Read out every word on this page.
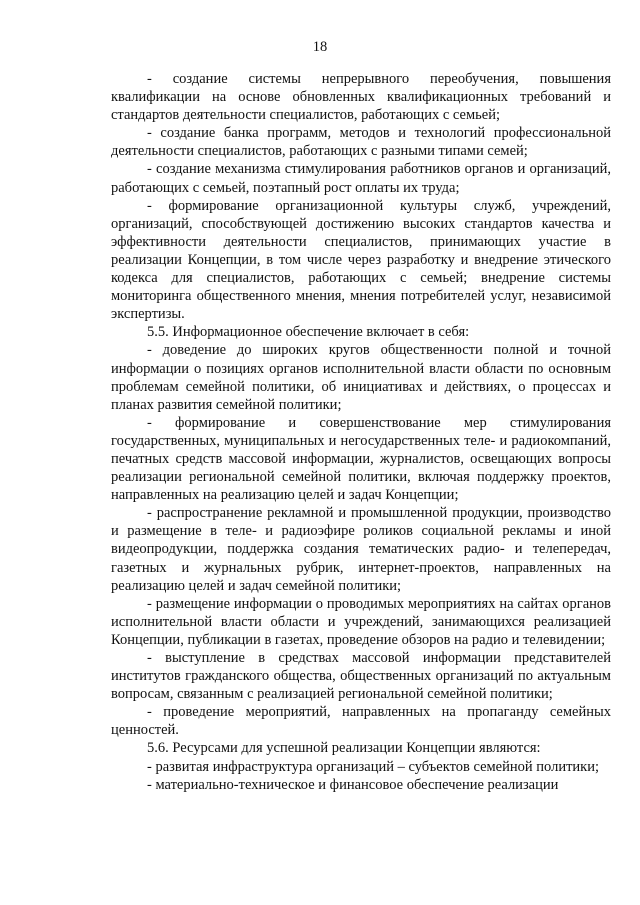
18

- создание системы непрерывного переобучения, повышения квалификации на основе обновленных квалификационных требований и стандартов деятельности специалистов, работающих с семьей;

- создание банка программ, методов и технологий профессиональной деятельности специалистов, работающих с разными типами семей;

- создание механизма стимулирования работников органов и организаций, работающих с семьей, поэтапный рост оплаты их труда;

- формирование организационной культуры служб, учреждений, организаций, способствующей достижению высоких стандартов качества и эффективности деятельности специалистов, принимающих участие в реализации Концепции, в том числе через разработку и внедрение этического кодекса для специалистов, работающих с семьей; внедрение системы мониторинга общественного мнения, мнения потребителей услуг, независимой экспертизы.

5.5. Информационное обеспечение включает в себя:

- доведение до широких кругов общественности полной и точной информации о позициях органов исполнительной власти области по основным проблемам семейной политики, об инициативах и действиях, о процессах и планах развития семейной политики;

- формирование и совершенствование мер стимулирования государственных, муниципальных и негосударственных теле- и радиокомпаний, печатных средств массовой информации, журналистов, освещающих вопросы реализации региональной семейной политики, включая поддержку проектов, направленных на реализацию целей и задач Концепции;

- распространение рекламной и промышленной продукции, производство и размещение в теле- и радиоэфире роликов социальной рекламы и иной видеопродукции, поддержка создания тематических радио- и телепередач, газетных и журнальных рубрик, интернет-проектов, направленных на реализацию целей и задач семейной политики;

- размещение информации о проводимых мероприятиях на сайтах органов исполнительной власти области и учреждений, занимающихся реализацией Концепции, публикации в газетах, проведение обзоров на радио и телевидении;

- выступление в средствах массовой информации представителей институтов гражданского общества, общественных организаций по актуальным вопросам, связанным с реализацией региональной семейной политики;

- проведение мероприятий, направленных на пропаганду семейных ценностей.

5.6. Ресурсами для успешной реализации Концепции являются:

- развитая инфраструктура организаций – субъектов семейной политики;

- материально-техническое и финансовое обеспечение реализации
